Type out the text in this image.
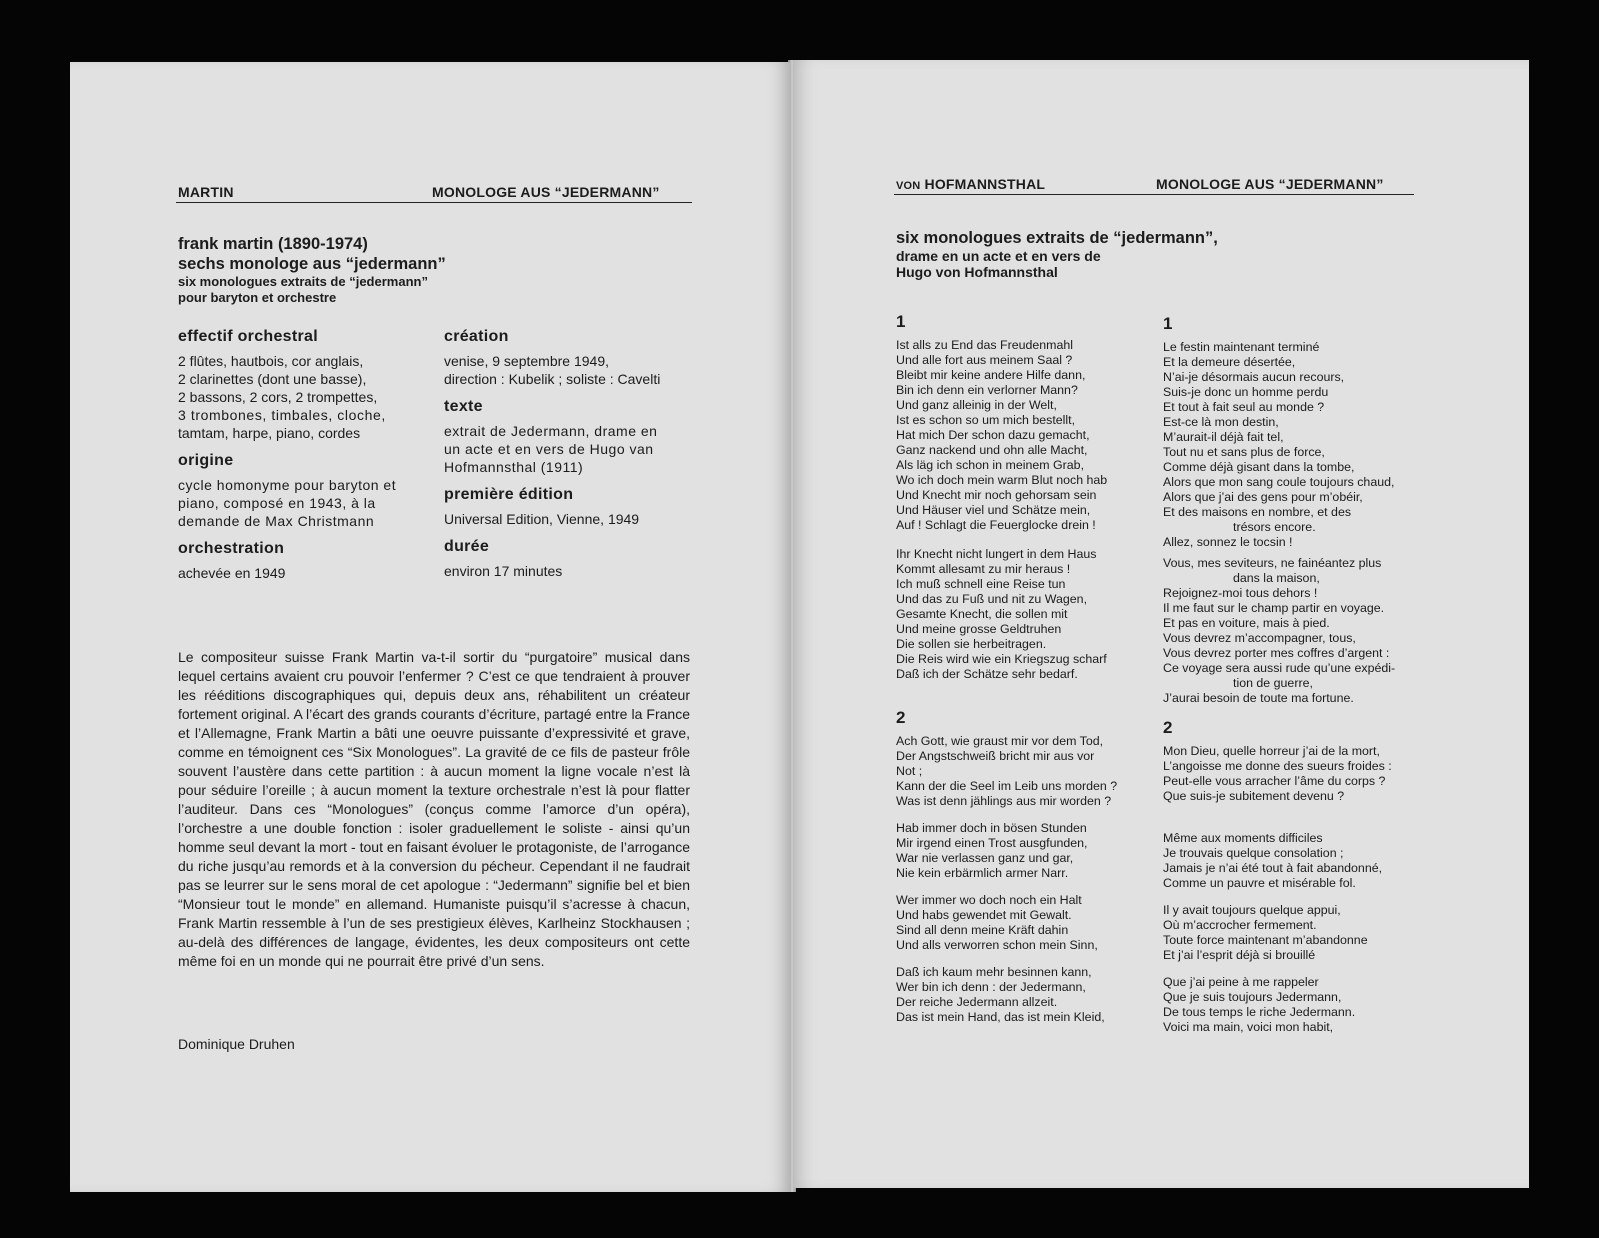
MARTIN	MONOLOGE AUS “JEDERMANN”
frank martin (1890-1974)
sechs monologe aus “jedermann”
six monologues extraits de “jedermann”
pour baryton et orchestre
effectif orchestral
2 flûtes, hautbois, cor anglais,
2 clarinettes (dont une basse),
2 bassons, 2 cors, 2 trompettes,
3 trombones, timbales, cloche,
tamtam, harpe, piano, cordes
origine
cycle homonyme pour baryton et
piano, composé en 1943, à la
demande de Max Christmann
orchestration
achevée en 1949
création
venise, 9 septembre 1949,
direction : Kubelik ; soliste : Cavelti
texte
extrait de Jedermann, drame en
un acte et en vers de Hugo van
Hofmannsthal (1911)
première édition
Universal Edition, Vienne, 1949
durée
environ 17 minutes
Le compositeur suisse Frank Martin va-t-il sortir du “purgatoire” musical dans lequel certains avaient cru pouvoir l’enfermer ? C’est ce que tendraient à prouver les rééditions discographiques qui, depuis deux ans, réhabilitent un créateur fortement original. A l’écart des grands courants d’écriture, partagé entre la France et l’Allemagne, Frank Martin a bâti une oeuvre puissante d’expressivité et grave, comme en témoignent ces “Six Monologues”. La gravité de ce fils de pasteur frôle souvent l’austère dans cette partition : à aucun moment la ligne vocale n’est là pour séduire l’oreille ; à aucun moment la texture orchestrale n’est là pour flatter l’auditeur. Dans ces “Monologues” (conçus comme l’amorce d’un opéra), l’orchestre a une double fonction : isoler graduellement le soliste - ainsi qu’un homme seul devant la mort - tout en faisant évoluer le protagoniste, de l’arrogance du riche jusqu’au remords et à la conversion du pécheur. Cependant il ne faudrait pas se leurrer sur le sens moral de cet apologue : “Jedermann” signifie bel et bien “Monsieur tout le monde” en allemand. Humaniste puisqu’il s’acresse à chacun, Frank Martin ressemble à l’un de ses prestigieux élèves, Karlheinz Stockhausen ; au-delà des différences de langage, évidentes, les deux compositeurs ont cette même foi en un monde qui ne pourrait être privé d’un sens.
Dominique Druhen
VON HOFMANNSTHAL	MONOLOGE AUS “JEDERMANN”
six monologues extraits de “jedermann”,
drame en un acte et en vers de
Hugo von Hofmannsthal
1
Ist alls zu End das Freudenmahl
Und alle fort aus meinem Saal ?
Bleibt mir keine andere Hilfe dann,
Bin ich denn ein verlorner Mann?
Und ganz alleinig in der Welt,
Ist es schon so um mich bestellt,
Hat mich Der schon dazu gemacht,
Ganz nackend und ohn alle Macht,
Als läg ich schon in meinem Grab,
Wo ich doch mein warm Blut noch hab
Und Knecht mir noch gehorsam sein
Und Häuser viel und Schätze mein,
Auf ! Schlagt die Feuerglocke drein !
Ihr Knecht nicht lungert in dem Haus
Kommt allesamt zu mir heraus !
Ich muß schnell eine Reise tun
Und das zu Fuß und nit zu Wagen,
Gesamte Knecht, die sollen mit
Und meine grosse Geldtruhen
Die sollen sie herbeitragen.
Die Reis wird wie ein Kriegszug scharf
Daß ich der Schätze sehr bedarf.
2
Ach Gott, wie graust mir vor dem Tod,
Der Angstschweiß bricht mir aus vor
Not ;
Kann der die Seel im Leib uns morden ?
Was ist denn jählings aus mir worden ?
Hab immer doch in bösen Stunden
Mir irgend einen Trost ausgfunden,
War nie verlassen ganz und gar,
Nie kein erbärmlich armer Narr.
Wer immer wo doch noch ein Halt
Und habs gewendet mit Gewalt.
Sind all denn meine Kräft dahin
Und alls verworren schon mein Sinn,
Daß ich kaum mehr besinnen kann,
Wer bin ich denn : der Jedermann,
Der reiche Jedermann allzeit.
Das ist mein Hand, das ist mein Kleid,
1
Le festin maintenant terminé
Et la demeure désertée,
N’ai-je désormais aucun recours,
Suis-je donc un homme perdu
Et tout à fait seul au monde ?
Est-ce là mon destin,
M’aurait-il déjà fait tel,
Tout nu et sans plus de force,
Comme déjà gisant dans la tombe,
Alors que mon sang coule toujours chaud,
Alors que j’ai des gens pour m’obéir,
Et des maisons en nombre, et des
trésors encore.
Allez, sonnez le tocsin !
Vous, mes seviteurs, ne fainéantez plus
dans la maison,
Rejoignez-moi tous dehors !
Il me faut sur le champ partir en voyage.
Et pas en voiture, mais à pied.
Vous devrez m’accompagner, tous,
Vous devrez porter mes coffres d’argent :
Ce voyage sera aussi rude qu’une expédi-
tion de guerre,
J’aurai besoin de toute ma fortune.
2
Mon Dieu, quelle horreur j’ai de la mort,
L’angoisse me donne des sueurs froides :
Peut-elle vous arracher l’âme du corps ?
Que suis-je subitement devenu ?
Même aux moments difficiles
Je trouvais quelque consolation ;
Jamais je n’ai été tout à fait abandonné,
Comme un pauvre et misérable fol.
Il y avait toujours quelque appui,
Où m’accrocher fermement.
Toute force maintenant m’abandonne
Et j’ai l’esprit déjà si brouillé
Que j’ai peine à me rappeler
Que je suis toujours Jedermann,
De tous temps le riche Jedermann.
Voici ma main, voici mon habit,
